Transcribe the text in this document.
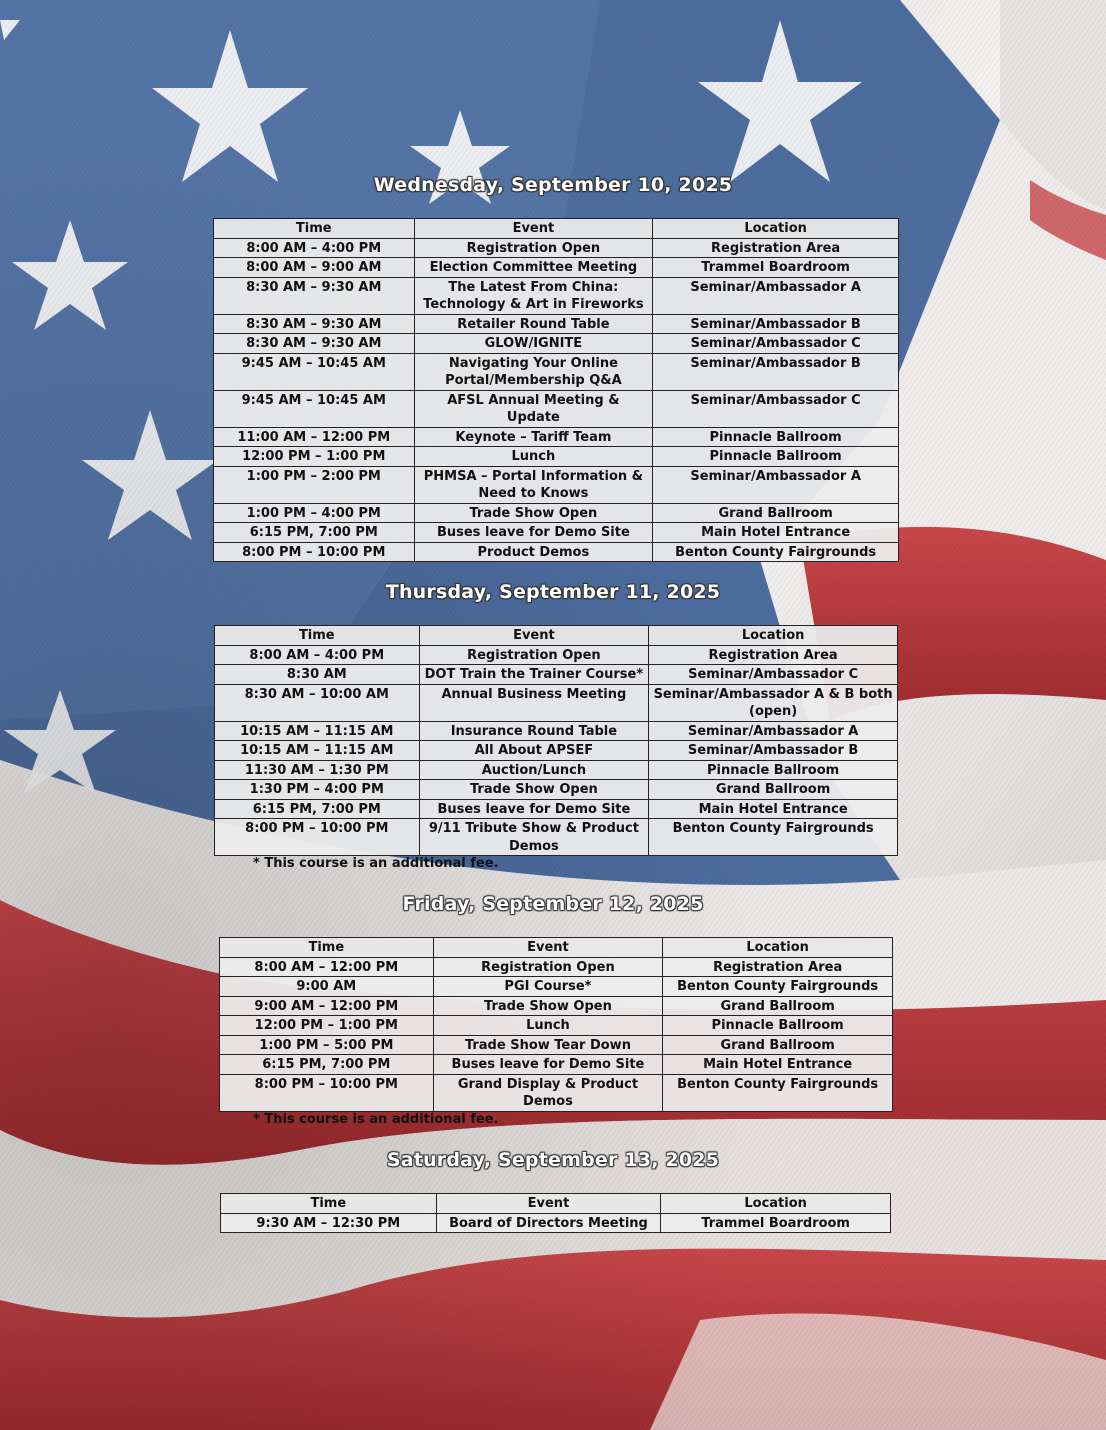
Wednesday, September 10, 2025
Time	Event	Location
8:00 AM – 4:00 PM	Registration Open	Registration Area
8:00 AM – 9:00 AM	Election Committee Meeting	Trammel Boardroom
8:30 AM – 9:30 AM	The Latest From China: Technology & Art in Fireworks	Seminar/Ambassador A
8:30 AM – 9:30 AM	Retailer Round Table	Seminar/Ambassador B
8:30 AM – 9:30 AM	GLOW/IGNITE	Seminar/Ambassador C
9:45 AM – 10:45 AM	Navigating Your Online Portal/Membership Q&A	Seminar/Ambassador B
9:45 AM – 10:45 AM	AFSL Annual Meeting & Update	Seminar/Ambassador C
11:00 AM – 12:00 PM	Keynote – Tariff Team	Pinnacle Ballroom
12:00 PM – 1:00 PM	Lunch	Pinnacle Ballroom
1:00 PM – 2:00 PM	PHMSA – Portal Information & Need to Knows	Seminar/Ambassador A
1:00 PM – 4:00 PM	Trade Show Open	Grand Ballroom
6:15 PM, 7:00 PM	Buses leave for Demo Site	Main Hotel Entrance
8:00 PM – 10:00 PM	Product Demos	Benton County Fairgrounds
Thursday, September 11, 2025
Time	Event	Location
8:00 AM – 4:00 PM	Registration Open	Registration Area
8:30 AM	DOT Train the Trainer Course*	Seminar/Ambassador C
8:30 AM – 10:00 AM	Annual Business Meeting	Seminar/Ambassador A & B both (open)
10:15 AM – 11:15 AM	Insurance Round Table	Seminar/Ambassador A
10:15 AM – 11:15 AM	All About APSEF	Seminar/Ambassador B
11:30 AM – 1:30 PM	Auction/Lunch	Pinnacle Ballroom
1:30 PM – 4:00 PM	Trade Show Open	Grand Ballroom
6:15 PM, 7:00 PM	Buses leave for Demo Site	Main Hotel Entrance
8:00 PM – 10:00 PM	9/11 Tribute Show & Product Demos	Benton County Fairgrounds
* This course is an additional fee.
Friday, September 12, 2025
Time	Event	Location
8:00 AM – 12:00 PM	Registration Open	Registration Area
9:00 AM	PGI Course*	Benton County Fairgrounds
9:00 AM – 12:00 PM	Trade Show Open	Grand Ballroom
12:00 PM – 1:00 PM	Lunch	Pinnacle Ballroom
1:00 PM – 5:00 PM	Trade Show Tear Down	Grand Ballroom
6:15 PM, 7:00 PM	Buses leave for Demo Site	Main Hotel Entrance
8:00 PM – 10:00 PM	Grand Display & Product Demos	Benton County Fairgrounds
* This course is an additional fee.
Saturday, September 13, 2025
Time	Event	Location
9:30 AM – 12:30 PM	Board of Directors Meeting	Trammel Boardroom
